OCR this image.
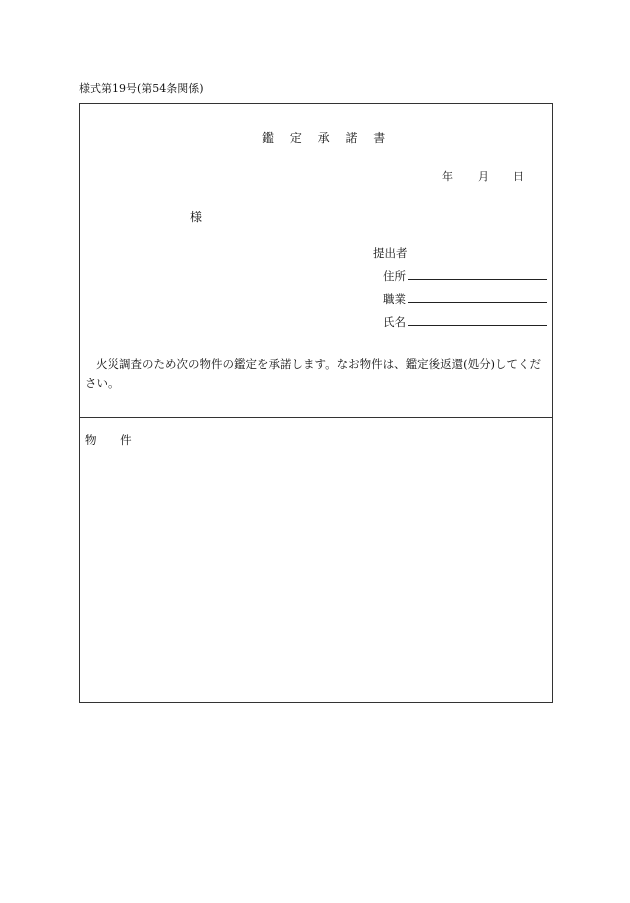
様式第19号(第54条関係)
鑑 定 承 諾 書
年 月 日
様
提出者
住所
職業
氏名
火災調査のため次の物件の鑑定を承諾します。なお物件は、鑑定後返還(処分)してください。
物 件
